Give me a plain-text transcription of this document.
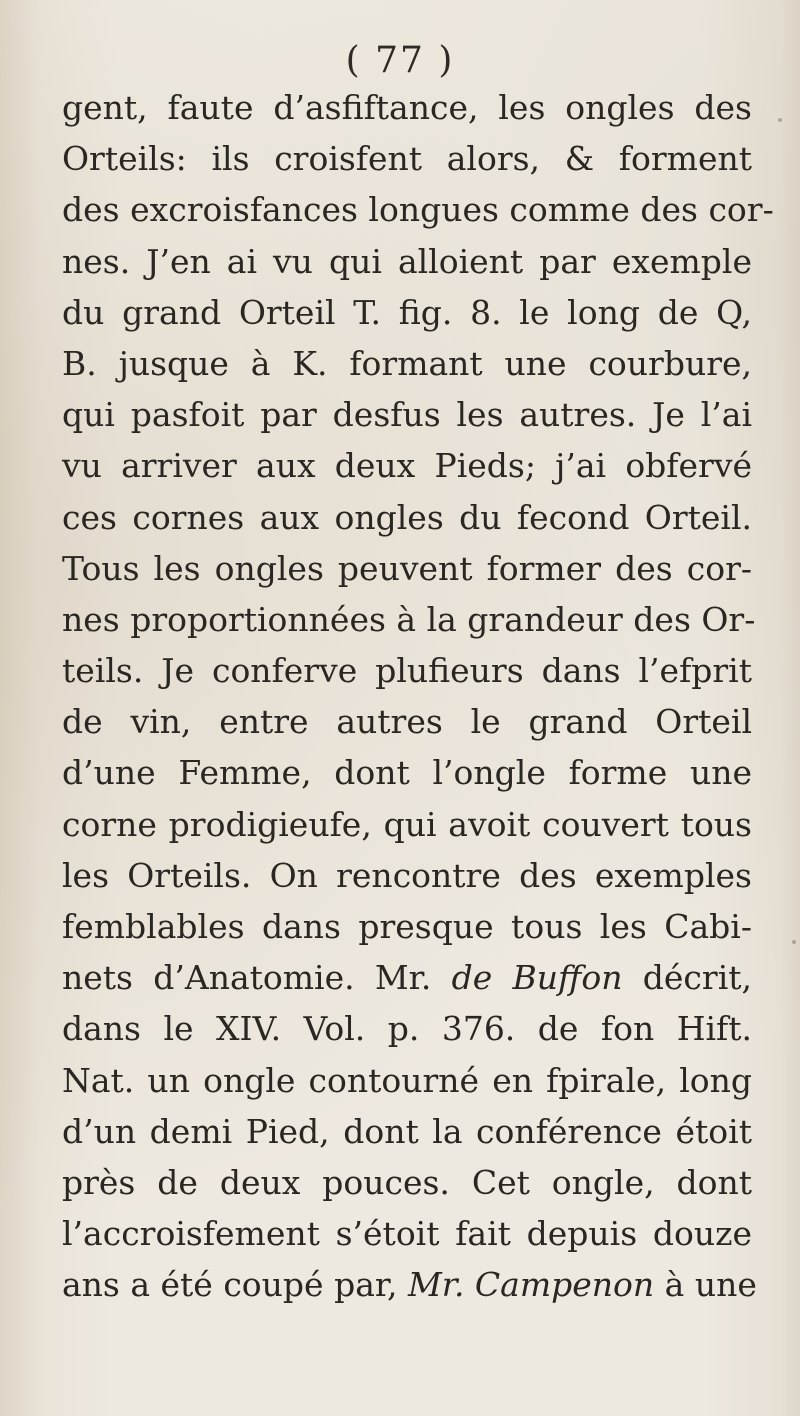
( 77 )
gent, faute d’asfiftance, les ongles des
Orteils: ils croisfent alors, & forment
des excroisfances longues comme des cor-
nes. J’en ai vu qui alloient par exemple
du grand Orteil T. fig. 8. le long de Q,
B. jusque à K. formant une courbure,
qui pasfoit par desfus les autres. Je l’ai
vu arriver aux deux Pieds; j’ai obfervé
ces cornes aux ongles du fecond Orteil.
Tous les ongles peuvent former des cor-
nes proportionnées à la grandeur des Or-
teils. Je conferve plufieurs dans l’efprit
de vin, entre autres le grand Orteil
d’une Femme, dont l’ongle forme une
corne prodigieufe, qui avoit couvert tous
les Orteils. On rencontre des exemples
femblables dans presque tous les Cabi-
nets d’Anatomie. Mr. de Buffon décrit,
dans le XIV. Vol. p. 376. de fon Hift.
Nat. un ongle contourné en fpirale, long
d’un demi Pied, dont la conférence étoit
près de deux pouces. Cet ongle, dont
l’accroisfement s’étoit fait depuis douze
ans a été coupé par, Mr. Campenon à une
